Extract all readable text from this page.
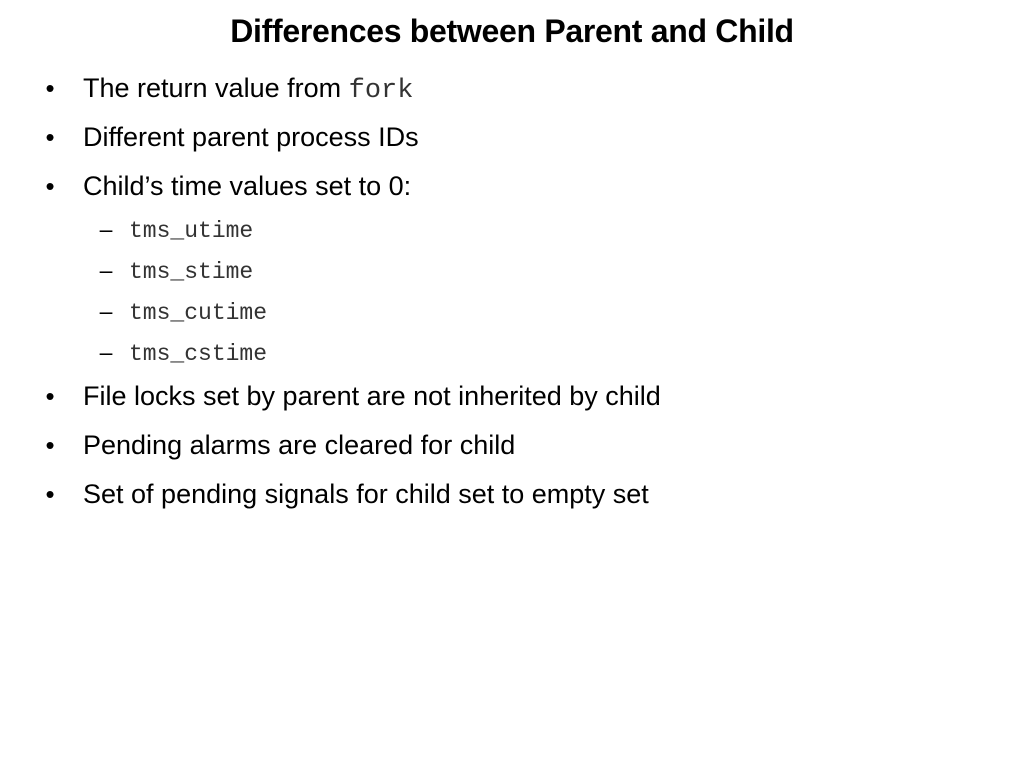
Differences between Parent and Child
• The return value from fork
• Different parent process IDs
• Child’s time values set to 0:
– tms_utime
– tms_stime
– tms_cutime
– tms_cstime
• File locks set by parent are not inherited by child
• Pending alarms are cleared for child
• Set of pending signals for child set to empty set
